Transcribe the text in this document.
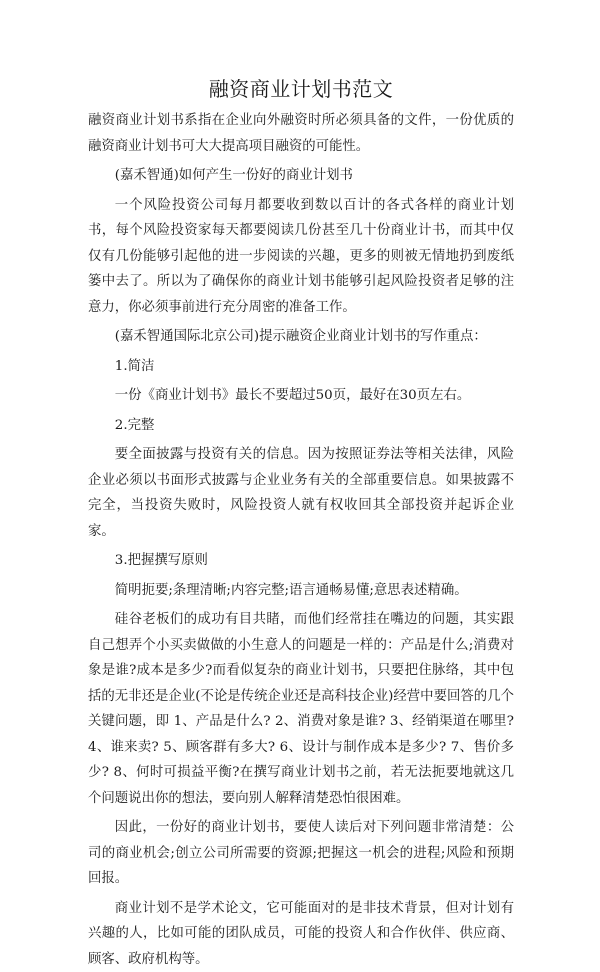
融资商业计划书范文

融资商业计划书系指在企业向外融资时所必须具备的文件，一份优质的融资商业计划书可大大提高项目融资的可能性。

(嘉禾智通)如何产生一份好的商业计划书

一个风险投资公司每月都要收到数以百计的各式各样的商业计划书，每个风险投资家每天都要阅读几份甚至几十份商业计书，而其中仅仅有几份能够引起他的进一步阅读的兴趣，更多的则被无情地扔到废纸篓中去了。所以为了确保你的商业计划书能够引起风险投资者足够的注意力，你必须事前进行充分周密的准备工作。

(嘉禾智通国际北京公司)提示融资企业商业计划书的写作重点：

1.简洁

一份《商业计划书》最长不要超过50页，最好在30页左右。

2.完整

要全面披露与投资有关的信息。因为按照证券法等相关法律，风险企业必须以书面形式披露与企业业务有关的全部重要信息。如果披露不完全，当投资失败时，风险投资人就有权收回其全部投资并起诉企业家。

3.把握撰写原则

简明扼要;条理清晰;内容完整;语言通畅易懂;意思表述精确。

硅谷老板们的成功有目共睹，而他们经常挂在嘴边的问题，其实跟自己想弄个小买卖做做的小生意人的问题是一样的：产品是什么;消费对象是谁?成本是多少?而看似复杂的商业计划书，只要把住脉络，其中包括的无非还是企业(不论是传统企业还是高科技企业)经营中要回答的几个关键问题，即 1、产品是什么? 2、消费对象是谁? 3、经销渠道在哪里? 4、谁来卖? 5、顾客群有多大? 6、设计与制作成本是多少? 7、售价多少? 8、何时可损益平衡?在撰写商业计划书之前，若无法扼要地就这几个问题说出你的想法，要向别人解释清楚恐怕很困难。

因此，一份好的商业计划书，要使人读后对下列问题非常清楚：公司的商业机会;创立公司所需要的资源;把握这一机会的进程;风险和预期回报。

商业计划不是学术论文，它可能面对的是非技术背景，但对计划有兴趣的人，比如可能的团队成员，可能的投资人和合作伙伴、供应商、顾客、政府机构等。
